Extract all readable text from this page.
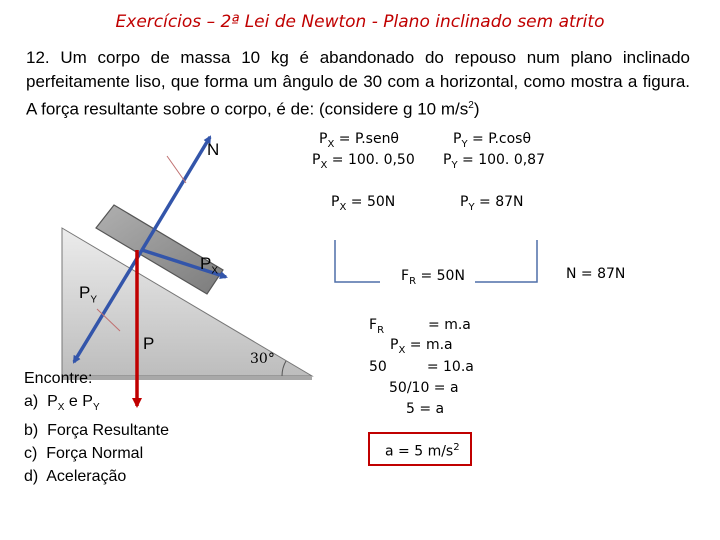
Exercícios – 2ª Lei de Newton - Plano inclinado sem atrito
12. Um corpo de massa 10 kg é abandonado do repouso num plano inclinado perfeitamente liso, que forma um ângulo de 30 com a horizontal, como mostra a figura. A força resultante sobre o corpo, é de: (considere g 10 $m/s^2$)
N
$P_X$
$P_Y$
P
30°
Encontre:
a) $P_X$ e $P_Y$
b) Força Resultante
c) Força Normal
d) Aceleração
$P_X = P.sen\theta$
$P_X = 100$. 0,50
$P_Y = P.\cos\theta$
$P_Y = 100$. 0,87
$P_X = 50N$	$P_Y = 87N$
$F_R = 50N$	N = 87N
$F_R$	= m.a
$P_X = m.a$
50	= 10.a
50/10 = a
5 = a
a = 5 $m/s^2$
